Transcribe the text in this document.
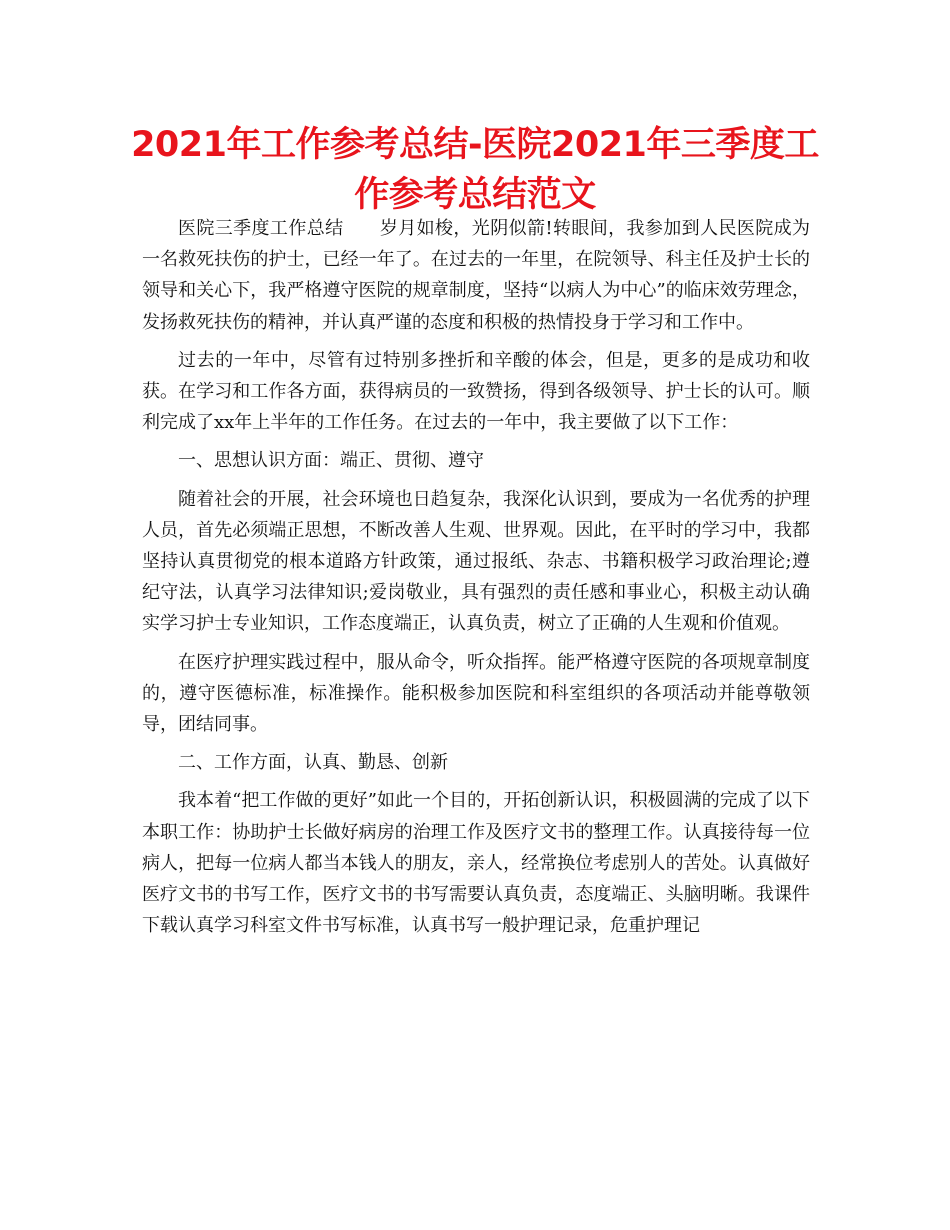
2021年工作参考总结-医院2021年三季度工作参考总结范文

医院三季度工作总结 岁月如梭，光阴似箭!转眼间，我参加到人民医院成为一名救死扶伤的护士，已经一年了。在过去的一年里，在院领导、科主任及护士长的领导和关心下，我严格遵守医院的规章制度，坚持“以病人为中心”的临床效劳理念，发扬救死扶伤的精神，并认真严谨的态度和积极的热情投身于学习和工作中。

过去的一年中，尽管有过特别多挫折和辛酸的体会，但是，更多的是成功和收获。在学习和工作各方面，获得病员的一致赞扬，得到各级领导、护士长的认可。顺利完成了xx年上半年的工作任务。在过去的一年中，我主要做了以下工作：

一、思想认识方面：端正、贯彻、遵守

随着社会的开展，社会环境也日趋复杂，我深化认识到，要成为一名优秀的护理人员，首先必须端正思想，不断改善人生观、世界观。因此，在平时的学习中，我都坚持认真贯彻党的根本道路方针政策，通过报纸、杂志、书籍积极学习政治理论;遵纪守法，认真学习法律知识;爱岗敬业，具有强烈的责任感和事业心，积极主动认确实学习护士专业知识，工作态度端正，认真负责，树立了正确的人生观和价值观。

在医疗护理实践过程中，服从命令，听众指挥。能严格遵守医院的各项规章制度的，遵守医德标准，标准操作。能积极参加医院和科室组织的各项活动并能尊敬领导，团结同事。

二、工作方面，认真、勤恳、创新

我本着“把工作做的更好”如此一个目的，开拓创新认识，积极圆满的完成了以下本职工作：协助护士长做好病房的治理工作及医疗文书的整理工作。认真接待每一位病人，把每一位病人都当本钱人的朋友，亲人，经常换位考虑别人的苦处。认真做好医疗文书的书写工作，医疗文书的书写需要认真负责，态度端正、头脑明晰。我课件下载认真学习科室文件书写标准，认真书写一般护理记录，危重护理记
